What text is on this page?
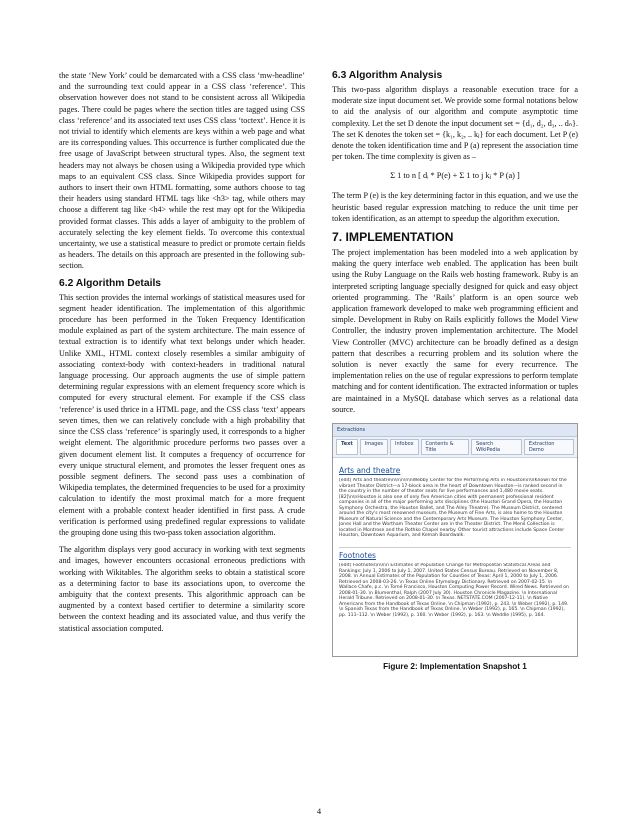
the state ‘New York’ could be demarcated with a CSS class ‘mw-headline’ and the surrounding text could appear in a CSS class ‘reference’. This observation however does not stand to be consistent across all Wikipedia pages. There could be pages where the section titles are tagged using CSS class ‘reference’ and its associated text uses CSS class ‘toctext’. Hence it is not trivial to identify which elements are keys within a web page and what are its corresponding values. This occurrence is further complicated due the free usage of JavaScript between structural types. Also, the segment text headers may not always be chosen using a Wikipedia provided type which maps to an equivalent CSS class. Since Wikipedia provides support for authors to insert their own HTML formatting, some authors choose to tag their headers using standard HTML tags like <h3> tag, while others may choose a different tag like <h4> while the rest may opt for the Wikipedia provided format classes. This adds a layer of ambiguity to the problem of accurately selecting the key element fields. To overcome this contextual uncertainty, we use a statistical measure to predict or promote certain fields as headers. The details on this approach are presented in the following sub-section.

6.2 Algorithm Details

This section provides the internal workings of statistical measures used for segment header identification. The implementation of this algorithmic procedure has been performed in the Token Frequency Identification module explained as part of the system architecture. The main essence of textual extraction is to identify what text belongs under which header. Unlike XML, HTML context closely resembles a similar ambiguity of associating context-body with context-headers in traditional natural language processing. Our approach augments the use of simple pattern determining regular expressions with an element frequency score which is computed for every structural element. For example if the CSS class ‘reference’ is used thrice in a HTML page, and the CSS class ‘text’ appears seven times, then we can relatively conclude with a high probability that since the CSS class ‘reference’ is sparingly used, it corresponds to a higher weight element. The algorithmic procedure performs two passes over a given document element list. It computes a frequency of occurrence for every unique structural element, and promotes the lesser frequent ones as possible segment definers. The second pass uses a combination of Wikipedia templates, the determined frequencies to be used for a proximity calculation to identify the most proximal match for a more frequent element with a probable context header identified in first pass. A crude verification is performed using predefined regular expressions to validate the grouping done using this two-pass token association algorithm.

The algorithm displays very good accuracy in working with text segments and images, however encounters occasional erroneous predictions with working with Wikitables. The algorithm seeks to obtain a statistical score as a determining factor to base its associations upon, to overcome the ambiguity that the context presents. This algorithmic approach can be augmented by a context based certifier to determine a similarity score between the context heading and its associated value, and thus verify the statistical association computed.

6.3 Algorithm Analysis

This two-pass algorithm displays a reasonable execution trace for a moderate size input document set. We provide some formal notations below to aid the analysis of our algorithm and compute asymptotic time complexity. Let the set D denote the input document set = {d₁, d₂, d₃, .. dₙ}. The set K denotes the token set = {k₁, k₂, .. kⱼ} for each document. Let P (e) denote the token identification time and P (a) represent the association time per token. The time complexity is given as –

Σ 1 to n [ dᵢ * P(e) + Σ 1 to j kⱼ * P (a) ]

The term P (e) is the key determining factor in this equation, and we use the heuristic based regular expression matching to reduce the unit time per token identification, as an attempt to speedup the algorithm execution.

7. IMPLEMENTATION

The project implementation has been modeled into a web application by making the query interface web enabled. The application has been built using the Ruby Language on the Rails web hosting framework. Ruby is an interpreted scripting language specially designed for quick and easy object oriented programming. The ‘Rails’ platform is an open source web application framework developed to make web programming efficient and simple. Development in Ruby on Rails explicitly follows the Model View Controller, the industry proven implementation architecture. The Model View Controller (MVC) architecture can be broadly defined as a design pattern that describes a recurring problem and its solution where the solution is never exactly the same for every recurrence. The implementation relies on the use of regular expressions to perform template matching and for content identification. The extracted information or tuples are maintained in a MySQL database which serves as a relational data source.

Extractions
Text	Images	Infobox	Contents & Title
Search WikiPedia
Extraction Demo
Arts and theatre
[edit] Arts and theatre\n\n\n\n\nWebby Center for the Performing Arts in Houston\n\nKnown for the vibrant Theater District—a 17-block area in the heart of Downtown Houston—is ranked second in the country in the number of theater seats for live performances and 1,480 movie seats. [82]\n\nHouston is also one of only five American cities with permanent professional resident companies in all of the major performing arts disciplines (the Houston Grand Opera, the Houston Symphony Orchestra, the Houston Ballet, and The Alley Theatre). The Museum District, centered around the city's most renowned museum, the Museum of Fine Arts, is also home to the Houston Museum of Natural Science and the Contemporary Arts Museum. The Houston Symphony Center, Jones Hall and the Wortham Theater Center are in the Theater District. The Menil Collection is located in Montrose and the Rothko Chapel nearby. Other tourist attractions include Space Center Houston, Downtown Aquarium, and Kemah Boardwalk.
Footnotes
[edit] Footnotes\n\n\n Estimates of Population Change for Metropolitan Statistical Areas and Rankings: July 1, 2006 to July 1, 2007. United States Census Bureau. Retrieved on November 8, 2008. \n Annual Estimates of the Population for Counties of Texas: April 1, 2000 to July 1, 2006. Retrieved on 2008-03-26. \n Texas Online Etymology Dictionary. Retrieved on 2007-02-15. \n Wallace Chafe, p.c. \n Tomé Francisco, Houston Computing Power Record. Wired News. Retrieved on 2008-01-30. \n Blumenthal, Ralph (2007 July 30). Houston Chronicle Magazine. \n International Herald Tribune. Retrieved on 2008-01-30. \n Texas. NETSTATE.COM (2007-12-11). \n Native Americans from the Handbook of Texas Online. \n Chipman (1992), p. 243. \n Weber (1992), p. 149. \n Spanish Texas from the Handbook of Texas Online. \n Weber (1992), p. 165. \n Chipman (1992), pp. 111–112. \n Weber (1992), p. 160. \n Weber (1992), p. 163. \n Weddle (1995), p. 164.
Figure 2: Implementation Snapshot 1
4
